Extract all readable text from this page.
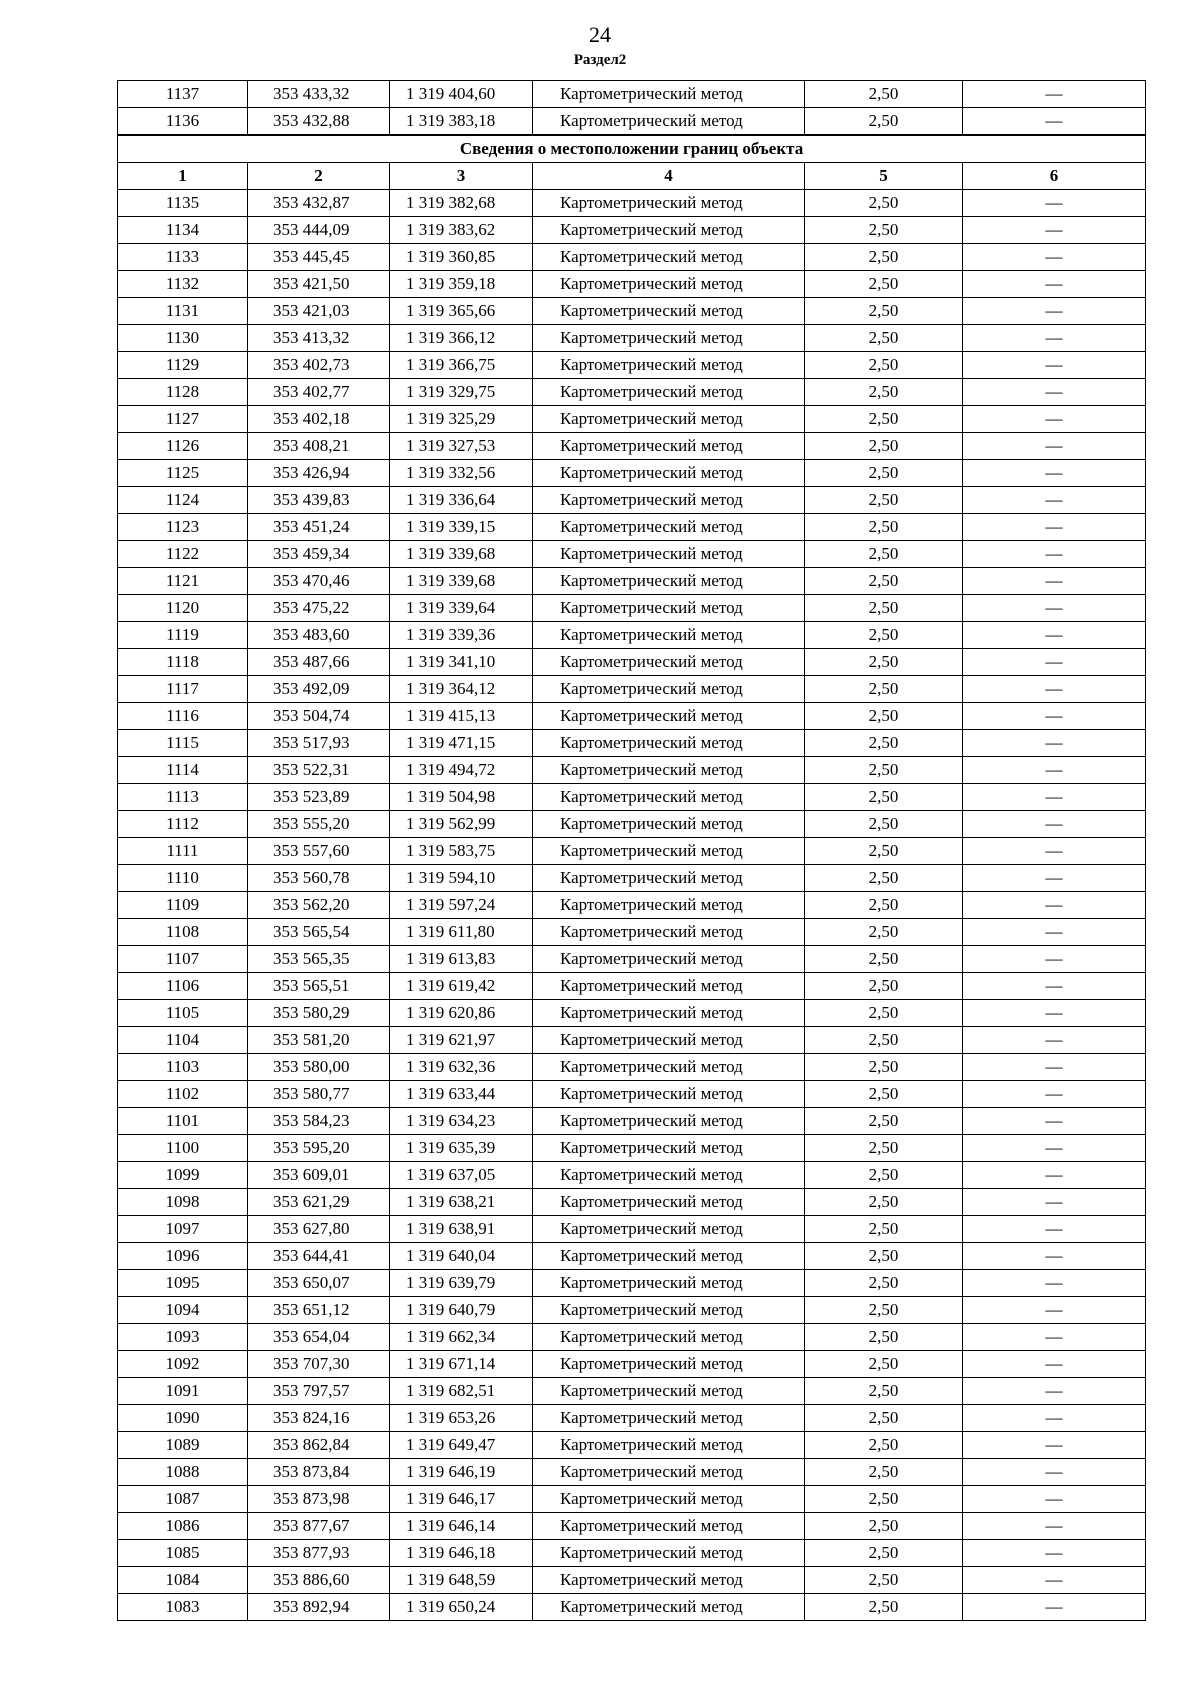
24
Раздел2
1137	353 433,32	1 319 404,60	Картометрический метод	2,50	—
1136	353 432,88	1 319 383,18	Картометрический метод	2,50	—
Сведения о местоположении границ объекта					
1	2	3	4	5	6
1135	353 432,87	1 319 382,68	Картометрический метод	2,50	—
1134	353 444,09	1 319 383,62	Картометрический метод	2,50	—
1133	353 445,45	1 319 360,85	Картометрический метод	2,50	—
1132	353 421,50	1 319 359,18	Картометрический метод	2,50	—
1131	353 421,03	1 319 365,66	Картометрический метод	2,50	—
1130	353 413,32	1 319 366,12	Картометрический метод	2,50	—
1129	353 402,73	1 319 366,75	Картометрический метод	2,50	—
1128	353 402,77	1 319 329,75	Картометрический метод	2,50	—
1127	353 402,18	1 319 325,29	Картометрический метод	2,50	—
1126	353 408,21	1 319 327,53	Картометрический метод	2,50	—
1125	353 426,94	1 319 332,56	Картометрический метод	2,50	—
1124	353 439,83	1 319 336,64	Картометрический метод	2,50	—
1123	353 451,24	1 319 339,15	Картометрический метод	2,50	—
1122	353 459,34	1 319 339,68	Картометрический метод	2,50	—
1121	353 470,46	1 319 339,68	Картометрический метод	2,50	—
1120	353 475,22	1 319 339,64	Картометрический метод	2,50	—
1119	353 483,60	1 319 339,36	Картометрический метод	2,50	—
1118	353 487,66	1 319 341,10	Картометрический метод	2,50	—
1117	353 492,09	1 319 364,12	Картометрический метод	2,50	—
1116	353 504,74	1 319 415,13	Картометрический метод	2,50	—
1115	353 517,93	1 319 471,15	Картометрический метод	2,50	—
1114	353 522,31	1 319 494,72	Картометрический метод	2,50	—
1113	353 523,89	1 319 504,98	Картометрический метод	2,50	—
1112	353 555,20	1 319 562,99	Картометрический метод	2,50	—
1111	353 557,60	1 319 583,75	Картометрический метод	2,50	—
1110	353 560,78	1 319 594,10	Картометрический метод	2,50	—
1109	353 562,20	1 319 597,24	Картометрический метод	2,50	—
1108	353 565,54	1 319 611,80	Картометрический метод	2,50	—
1107	353 565,35	1 319 613,83	Картометрический метод	2,50	—
1106	353 565,51	1 319 619,42	Картометрический метод	2,50	—
1105	353 580,29	1 319 620,86	Картометрический метод	2,50	—
1104	353 581,20	1 319 621,97	Картометрический метод	2,50	—
1103	353 580,00	1 319 632,36	Картометрический метод	2,50	—
1102	353 580,77	1 319 633,44	Картометрический метод	2,50	—
1101	353 584,23	1 319 634,23	Картометрический метод	2,50	—
1100	353 595,20	1 319 635,39	Картометрический метод	2,50	—
1099	353 609,01	1 319 637,05	Картометрический метод	2,50	—
1098	353 621,29	1 319 638,21	Картометрический метод	2,50	—
1097	353 627,80	1 319 638,91	Картометрический метод	2,50	—
1096	353 644,41	1 319 640,04	Картометрический метод	2,50	—
1095	353 650,07	1 319 639,79	Картометрический метод	2,50	—
1094	353 651,12	1 319 640,79	Картометрический метод	2,50	—
1093	353 654,04	1 319 662,34	Картометрический метод	2,50	—
1092	353 707,30	1 319 671,14	Картометрический метод	2,50	—
1091	353 797,57	1 319 682,51	Картометрический метод	2,50	—
1090	353 824,16	1 319 653,26	Картометрический метод	2,50	—
1089	353 862,84	1 319 649,47	Картометрический метод	2,50	—
1088	353 873,84	1 319 646,19	Картометрический метод	2,50	—
1087	353 873,98	1 319 646,17	Картометрический метод	2,50	—
1086	353 877,67	1 319 646,14	Картометрический метод	2,50	—
1085	353 877,93	1 319 646,18	Картометрический метод	2,50	—
1084	353 886,60	1 319 648,59	Картометрический метод	2,50	—
1083	353 892,94	1 319 650,24	Картометрический метод	2,50	—
